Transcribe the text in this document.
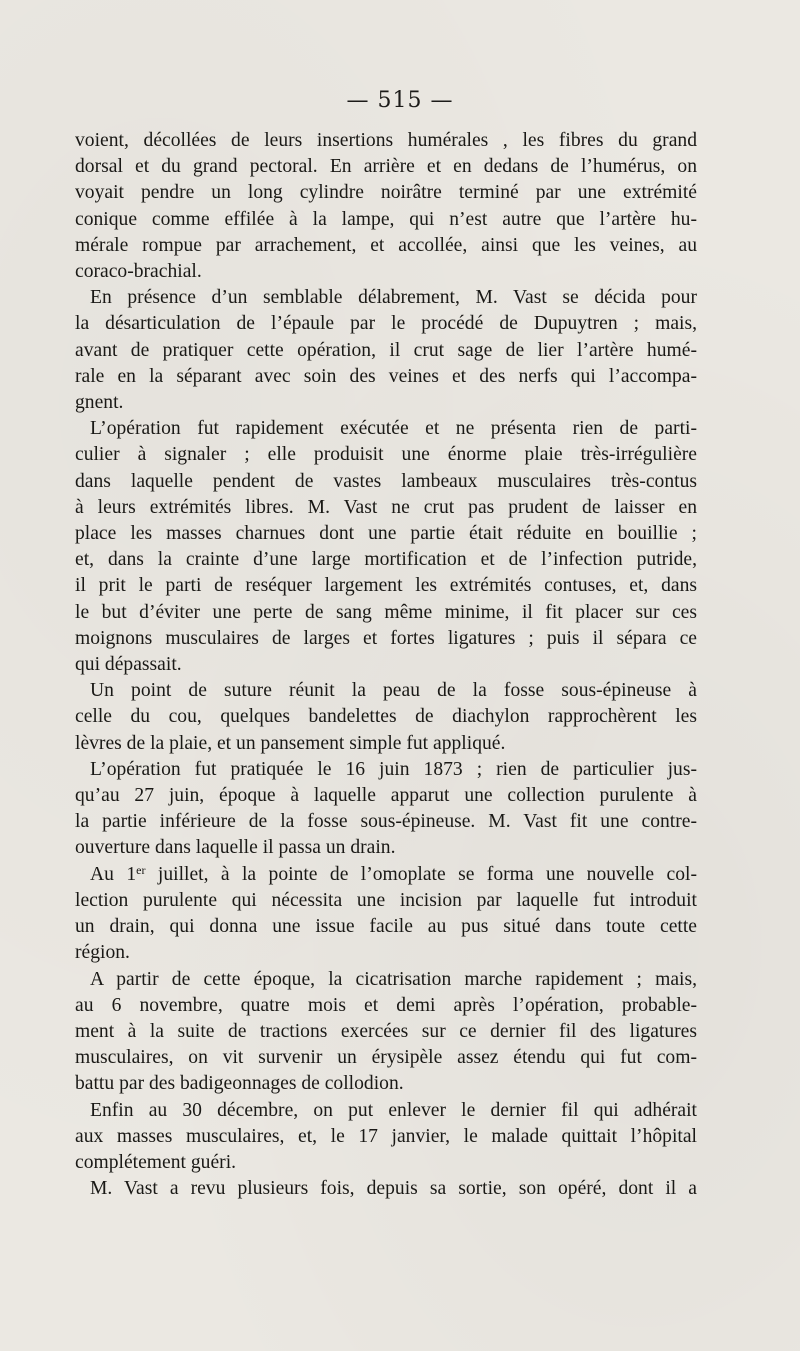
— 515 —
voient, décollées de leurs insertions humérales , les fibres du grand
dorsal et du grand pectoral. En arrière et en dedans de l’humérus, on
voyait pendre un long cylindre noirâtre terminé par une extrémité
conique comme effilée à la lampe, qui n’est autre que l’artère hu-
mérale rompue par arrachement, et accollée, ainsi que les veines, au
coraco-brachial.
En présence d’un semblable délabrement, M. Vast se décida pour
la désarticulation de l’épaule par le procédé de Dupuytren ; mais,
avant de pratiquer cette opération, il crut sage de lier l’artère humé-
rale en la séparant avec soin des veines et des nerfs qui l’accompa-
gnent.
L’opération fut rapidement exécutée et ne présenta rien de parti-
culier à signaler ; elle produisit une énorme plaie très-irrégulière
dans laquelle pendent de vastes lambeaux musculaires très-contus
à leurs extrémités libres. M. Vast ne crut pas prudent de laisser en
place les masses charnues dont une partie était réduite en bouillie ;
et, dans la crainte d’une large mortification et de l’infection putride,
il prit le parti de reséquer largement les extrémités contuses, et, dans
le but d’éviter une perte de sang même minime, il fit placer sur ces
moignons musculaires de larges et fortes ligatures ; puis il sépara ce
qui dépassait.
Un point de suture réunit la peau de la fosse sous-épineuse à
celle du cou, quelques bandelettes de diachylon rapprochèrent les
lèvres de la plaie, et un pansement simple fut appliqué.
L’opération fut pratiquée le 16 juin 1873 ; rien de particulier jus-
qu’au 27 juin, époque à laquelle apparut une collection purulente à
la partie inférieure de la fosse sous-épineuse. M. Vast fit une contre-
ouverture dans laquelle il passa un drain.
Au 1er juillet, à la pointe de l’omoplate se forma une nouvelle col-
lection purulente qui nécessita une incision par laquelle fut introduit
un drain, qui donna une issue facile au pus situé dans toute cette
région.
A partir de cette époque, la cicatrisation marche rapidement ; mais,
au 6 novembre, quatre mois et demi après l’opération, probable-
ment à la suite de tractions exercées sur ce dernier fil des ligatures
musculaires, on vit survenir un érysipèle assez étendu qui fut com-
battu par des badigeonnages de collodion.
Enfin au 30 décembre, on put enlever le dernier fil qui adhérait
aux masses musculaires, et, le 17 janvier, le malade quittait l’hôpital
complétement guéri.
M. Vast a revu plusieurs fois, depuis sa sortie, son opéré, dont il a
